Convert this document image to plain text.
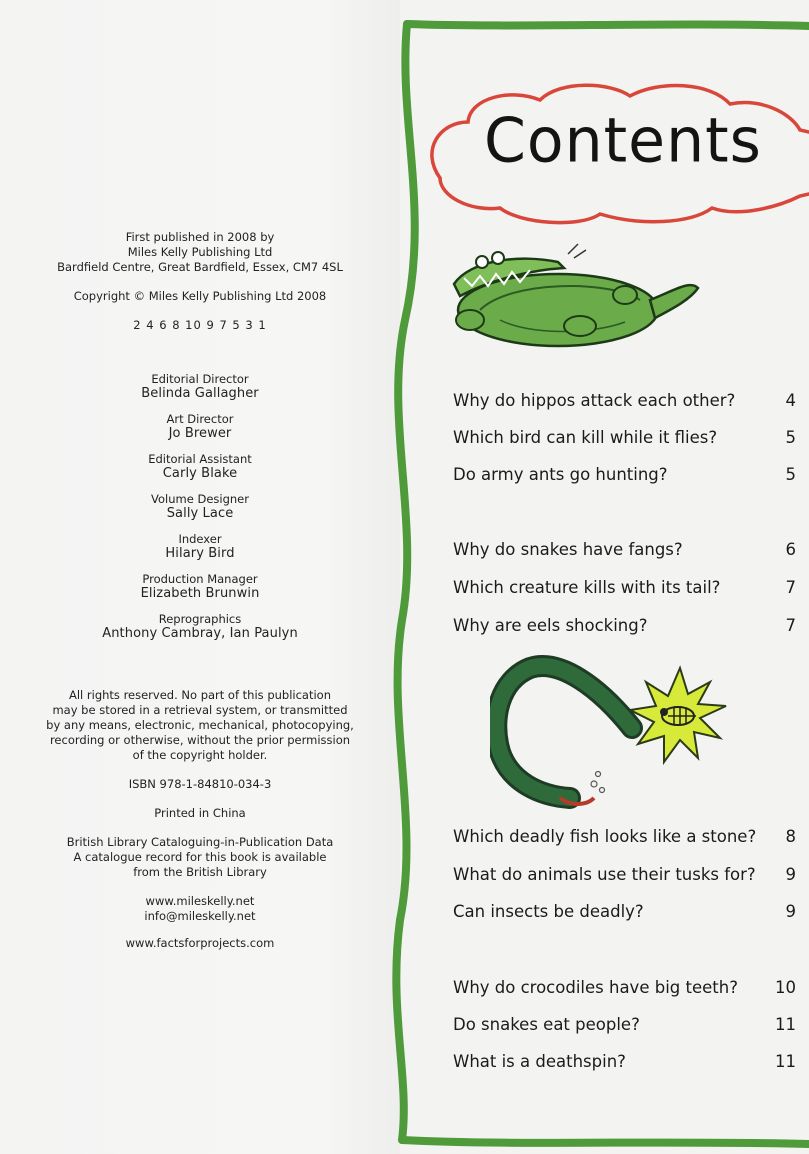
First published in 2008 by

Miles Kelly Publishing Ltd

Bardfield Centre, Great Bardfield, Essex, CM7 4SL

Copyright © Miles Kelly Publishing Ltd 2008

2 4 6 8 10 9 7 5 3 1

Editorial Director

Belinda Gallagher

Art Director

Jo Brewer

Editorial Assistant

Carly Blake

Volume Designer

Sally Lace

Indexer

Hilary Bird

Production Manager

Elizabeth Brunwin

Reprographics

Anthony Cambray, Ian Paulyn

All rights reserved. No part of this publication

may be stored in a retrieval system, or transmitted

by any means, electronic, mechanical, photocopying,

recording or otherwise, without the prior permission

of the copyright holder.

ISBN 978-1-84810-034-3

Printed in China

British Library Cataloguing-in-Publication Data

A catalogue record for this book is available

from the British Library

www.mileskelly.net

info@mileskelly.net

www.factsforprojects.com

Contents
Why do hippos attack each other?	4
Which bird can kill while it flies?	5
Do army ants go hunting?	5
Why do snakes have fangs?	6
Which creature kills with its tail?	7
Why are eels shocking?	7
Which deadly fish looks like a stone?	8
What do animals use their tusks for?	9
Can insects be deadly?	9
Why do crocodiles have big teeth? 10
Do snakes eat people?	11
What is a deathspin?	11
